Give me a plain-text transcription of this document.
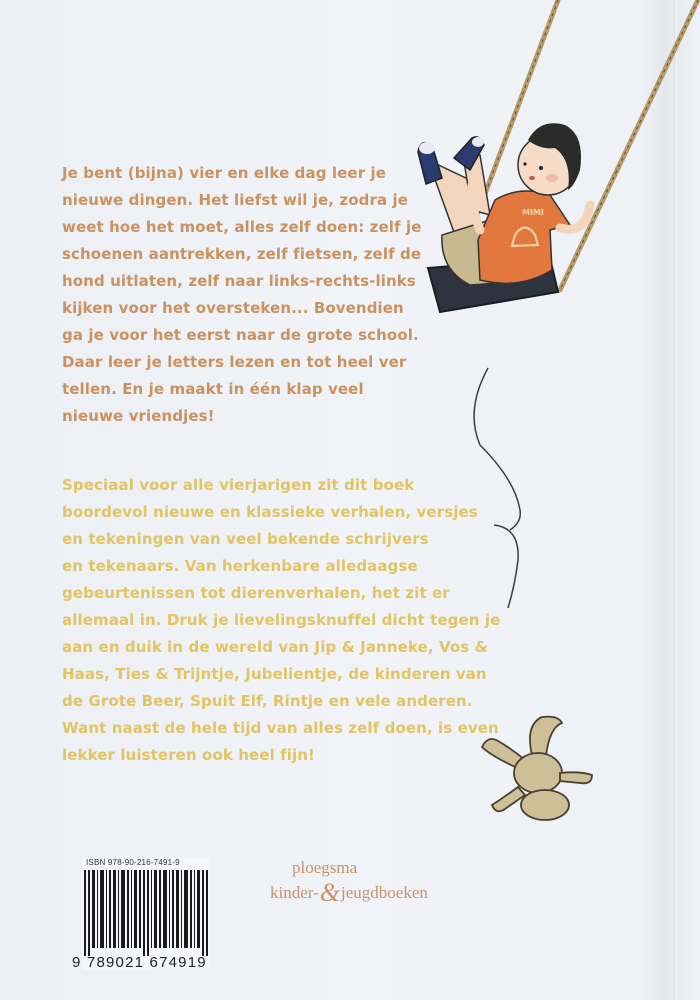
MIMI
Je bent (bijna) vier en elke dag leer je
nieuwe dingen. Het liefst wil je, zodra je
weet hoe het moet, alles zelf doen: zelf je
schoenen aantrekken, zelf fietsen, zelf de
hond uitlaten, zelf naar links-rechts-links
kijken voor het oversteken... Bovendien
ga je voor het eerst naar de grote school.
Daar leer je letters lezen en tot heel ver
tellen. En je maakt in één klap veel
nieuwe vriendjes!
Speciaal voor alle vierjarigen zit dit boek
boordevol nieuwe en klassieke verhalen, versjes
en tekeningen van veel bekende schrijvers
en tekenaars. Van herkenbare alledaagse
gebeurtenissen tot dierenverhalen, het zit er
allemaal in. Druk je lievelingsknuffel dicht tegen je
aan en duik in de wereld van Jip & Janneke, Vos &
Haas, Ties & Trijntje, Jubelientje, de kinderen van
de Grote Beer, Spuit Elf, Rintje en vele anderen.
Want naast de hele tijd van alles zelf doen, is even
lekker luisteren ook heel fijn!
ISBN 978-90-216-7491-9
9 789021 674919
ploegsma
kinder-&jeugdboeken
